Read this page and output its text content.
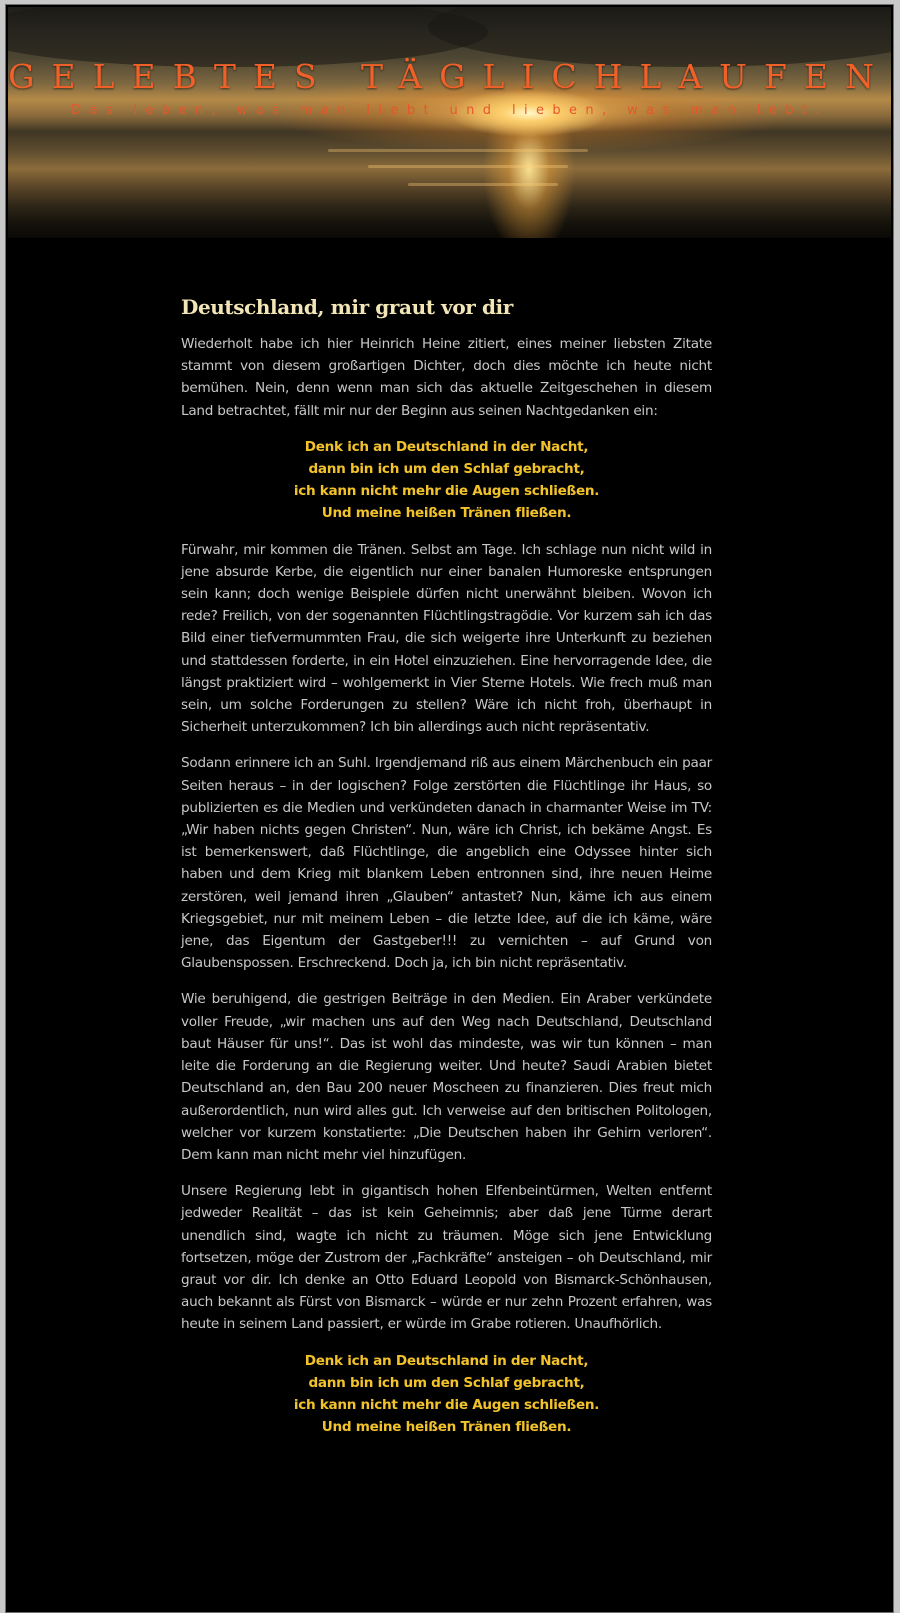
GELEBTES TÄGLICHLAUFEN
Das leben, was man liebt und lieben, was man lebt.
Deutschland, mir graut vor dir

Wiederholt habe ich hier Heinrich Heine zitiert, eines meiner liebsten Zitate stammt von diesem großartigen Dichter, doch dies möchte ich heute nicht bemühen. Nein, denn wenn man sich das aktuelle Zeitgeschehen in diesem Land betrachtet, fällt mir nur der Beginn aus seinen Nachtgedanken ein:

Denk ich an Deutschland in der Nacht,
dann bin ich um den Schlaf gebracht,
ich kann nicht mehr die Augen schließen.
Und meine heißen Tränen fließen.

Fürwahr, mir kommen die Tränen. Selbst am Tage. Ich schlage nun nicht wild in jene absurde Kerbe, die eigentlich nur einer banalen Humoreske entsprungen sein kann; doch wenige Beispiele dürfen nicht unerwähnt bleiben. Wovon ich rede? Freilich, von der sogenannten Flüchtlingstragödie. Vor kurzem sah ich das Bild einer tiefvermummten Frau, die sich weigerte ihre Unterkunft zu beziehen und stattdessen forderte, in ein Hotel einzuziehen. Eine hervorragende Idee, die längst praktiziert wird – wohlgemerkt in Vier Sterne Hotels. Wie frech muß man sein, um solche Forderungen zu stellen? Wäre ich nicht froh, überhaupt in Sicherheit unterzukommen? Ich bin allerdings auch nicht repräsentativ.

Sodann erinnere ich an Suhl. Irgendjemand riß aus einem Märchenbuch ein paar Seiten heraus – in der logischen? Folge zerstörten die Flüchtlinge ihr Haus, so publizierten es die Medien und verkündeten danach in charmanter Weise im TV: „Wir haben nichts gegen Christen“. Nun, wäre ich Christ, ich bekäme Angst. Es ist bemerkenswert, daß Flüchtlinge, die angeblich eine Odyssee hinter sich haben und dem Krieg mit blankem Leben entronnen sind, ihre neuen Heime zerstören, weil jemand ihren „Glauben“ antastet? Nun, käme ich aus einem Kriegsgebiet, nur mit meinem Leben – die letzte Idee, auf die ich käme, wäre jene, das Eigentum der Gastgeber!!! zu vernichten – auf Grund von Glaubenspossen. Erschreckend. Doch ja, ich bin nicht repräsentativ.

Wie beruhigend, die gestrigen Beiträge in den Medien. Ein Araber verkündete voller Freude, „wir machen uns auf den Weg nach Deutschland, Deutschland baut Häuser für uns!“. Das ist wohl das mindeste, was wir tun können – man leite die Forderung an die Regierung weiter. Und heute? Saudi Arabien bietet Deutschland an, den Bau 200 neuer Moscheen zu finanzieren. Dies freut mich außerordentlich, nun wird alles gut. Ich verweise auf den britischen Politologen, welcher vor kurzem konstatierte: „Die Deutschen haben ihr Gehirn verloren“. Dem kann man nicht mehr viel hinzufügen.

Unsere Regierung lebt in gigantisch hohen Elfenbeintürmen, Welten entfernt jedweder Realität – das ist kein Geheimnis; aber daß jene Türme derart unendlich sind, wagte ich nicht zu träumen. Möge sich jene Entwicklung fortsetzen, möge der Zustrom der „Fachkräfte“ ansteigen – oh Deutschland, mir graut vor dir. Ich denke an Otto Eduard Leopold von Bismarck-Schönhausen, auch bekannt als Fürst von Bismarck – würde er nur zehn Prozent erfahren, was heute in seinem Land passiert, er würde im Grabe rotieren. Unaufhörlich.

Denk ich an Deutschland in der Nacht,
dann bin ich um den Schlaf gebracht,
ich kann nicht mehr die Augen schließen.
Und meine heißen Tränen fließen.
